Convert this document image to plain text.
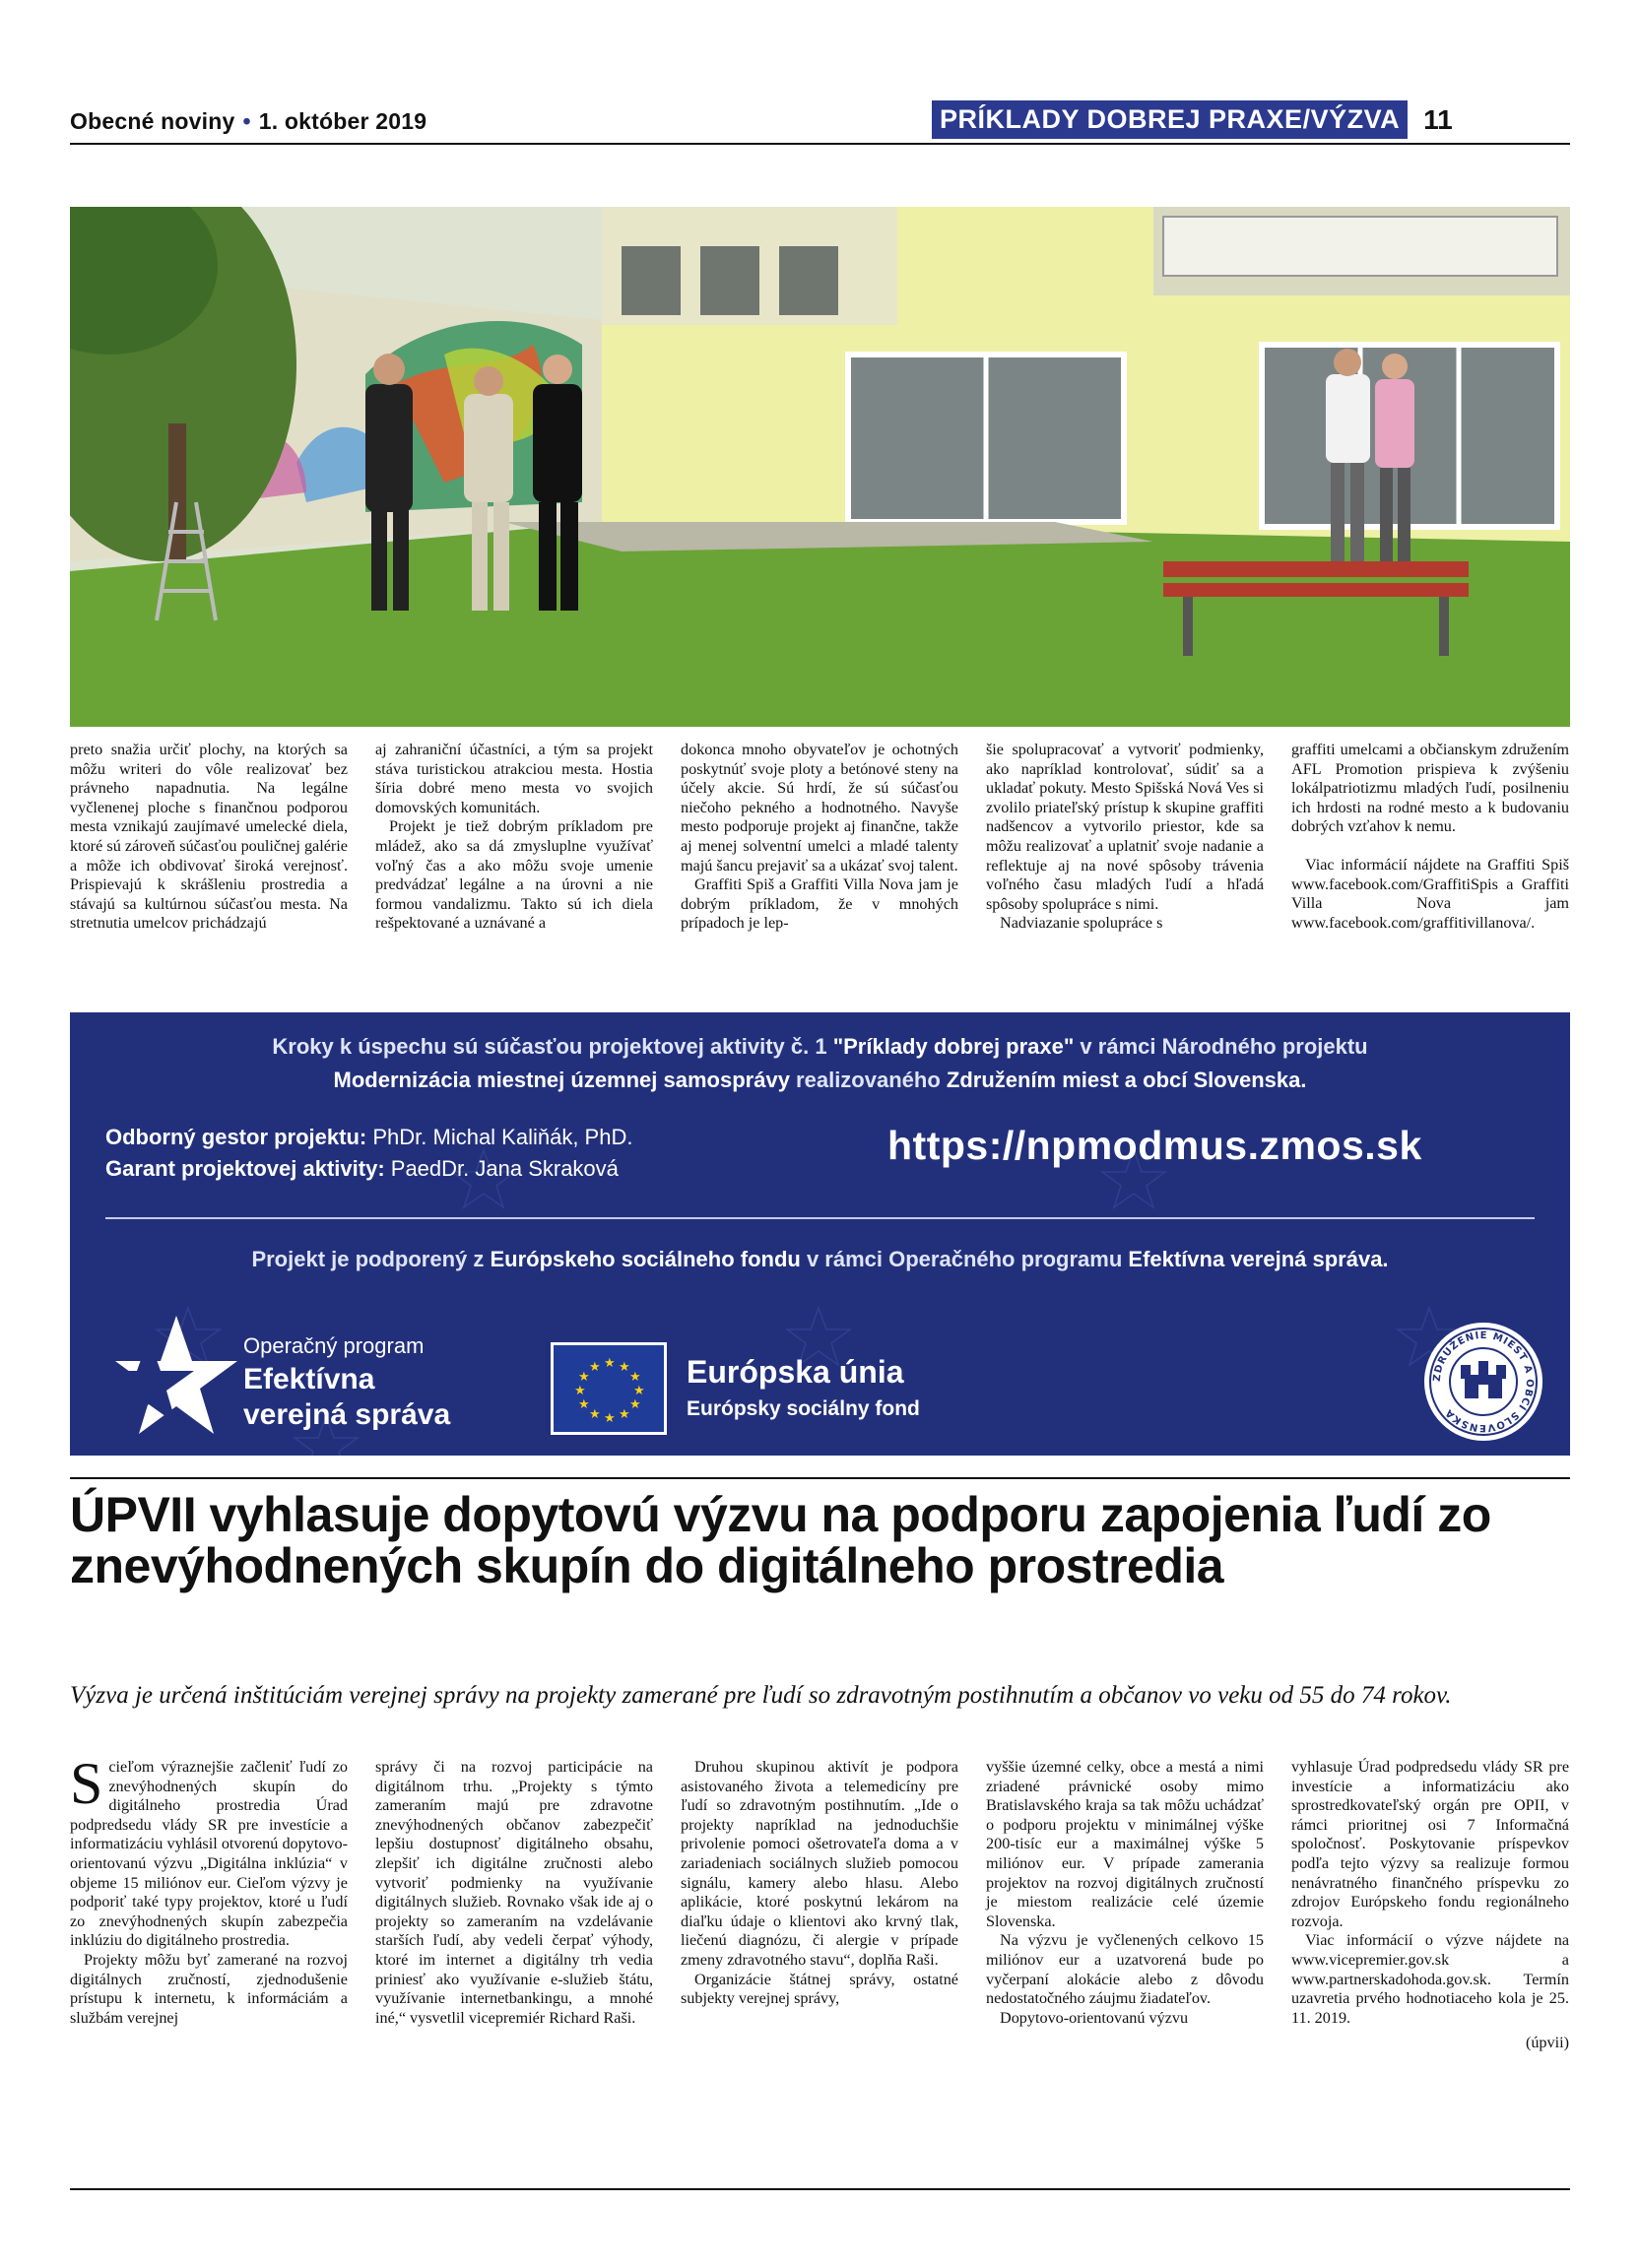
Obecné noviny • 1. október 2019	PRÍKLADY DOBREJ PRAXE/VÝZVA 11

preto snažia určiť plochy, na ktorých sa môžu writeri do vôle realizovať bez právneho napadnutia. Na legálne vyčlenenej ploche s finančnou podporou mesta vznikajú zaujímavé umelecké diela, ktoré sú zároveň súčasťou pouličnej galérie a môže ich obdivovať široká verejnosť. Prispievajú k skrášleniu prostredia a stávajú sa kultúrnou súčasťou mesta. Na stretnutia umelcov prichádzajú

aj zahraniční účastníci, a tým sa projekt stáva turistickou atrakciou mesta. Hostia šíria dobré meno mesta vo svojich domovských komunitách.

Projekt je tiež dobrým príkladom pre mládež, ako sa dá zmysluplne využívať voľný čas a ako môžu svoje umenie predvádzať legálne a na úrovni a nie formou vandalizmu. Takto sú ich diela rešpektované a uznávané a

dokonca mnoho obyvateľov je ochotných poskytnúť svoje ploty a betónové steny na účely akcie. Sú hrdí, že sú súčasťou niečoho pekného a hodnotného. Navyše mesto podporuje projekt aj finančne, takže aj menej solventní umelci a mladé talenty majú šancu prejaviť sa a ukázať svoj talent.

Graffiti Spiš a Graffiti Villa Nova jam je dobrým príkladom, že v mnohých prípadoch je lep-

šie spolupracovať a vytvoriť podmienky, ako napríklad kontrolovať, súdiť sa a ukladať pokuty. Mesto Spišská Nová Ves si zvolilo priateľský prístup k skupine graffiti nadšencov a vytvorilo priestor, kde sa môžu realizovať a uplatniť svoje nadanie a reflektuje aj na nové spôsoby trávenia voľného času mladých ľudí a hľadá spôsoby spolupráce s nimi.

Nadviazanie spolupráce s

graffiti umelcami a občianskym združením AFL Promotion prispieva k zvýšeniu lokálpatriotizmu mladých ľudí, posilneniu ich hrdosti na rodné mesto a k budovaniu dobrých vzťahov k nemu.

Viac informácií nájdete na Graffiti Spiš www.facebook.com/GraffitiSpis a Graffiti Villa Nova jam www.facebook.com/graffitivillanova/.

Kroky k úspechu sú súčasťou projektovej aktivity č. 1 "Príklady dobrej praxe" v rámci Národného projektu
Modernizácia miestnej územnej samosprávy realizovaného Združením miest a obcí Slovenska.
Odborný gestor projektu: PhDr. Michal Kaliňák, PhD.
Garant projektovej aktivity: PaedDr. Jana Skraková
https://npmodmus.zmos.sk
Projekt je podporený z Európskeho sociálneho fondu v rámci Operačného programu Efektívna verejná správa.
Operačný program
Efektívna
verejná správa
★ ★
★
★
★
★
★
★
★
★
★
★	Európska únia
Európsky sociálny fond
ZDRUŽENIE MIEST A OBCÍ SLOVENSKA
ÚPVII vyhlasuje dopytovú výzvu na podporu zapojenia ľudí zo znevýhodnených skupín do digitálneho prostredia
Výzva je určená inštitúciám verejnej správy na projekty zamerané pre ľudí so zdravotným postihnutím a občanov vo veku od 55 do 74 rokov.

Scieľom výraznejšie začleniť ľudí zo znevýhodnených skupín do digitálneho prostredia Úrad podpredsedu vlády SR pre investície a informatizáciu vyhlásil otvorenú dopytovo-orientovanú výzvu „Digitálna inklúzia“ v objeme 15 miliónov eur. Cieľom výzvy je podporiť také typy projektov, ktoré u ľudí zo znevýhodnených skupín zabezpečia inklúziu do digitálneho prostredia.

Projekty môžu byť zamerané na rozvoj digitálnych zručností, zjednodušenie prístupu k internetu, k informáciám a službám verejnej

správy či na rozvoj participácie na digitálnom trhu. „Projekty s týmto zameraním majú pre zdravotne znevýhodnených občanov zabezpečiť lepšiu dostupnosť digitálneho obsahu, zlepšiť ich digitálne zručnosti alebo vytvoriť podmienky na využívanie digitálnych služieb. Rovnako však ide aj o projekty so zameraním na vzdelávanie starších ľudí, aby vedeli čerpať výhody, ktoré im internet a digitálny trh vedia priniesť ako využívanie e-služieb štátu, využívanie internetbankingu, a mnohé iné,“ vysvetlil vicepremiér Richard Raši.

Druhou skupinou aktivít je podpora asistovaného života a telemedicíny pre ľudí so zdravotným postihnutím. „Ide o projekty napríklad na jednoduchšie privolenie pomoci ošetrovateľa doma a v zariadeniach sociálnych služieb pomocou signálu, kamery alebo hlasu. Alebo aplikácie, ktoré poskytnú lekárom na diaľku údaje o klientovi ako krvný tlak, liečenú diagnózu, či alergie v prípade zmeny zdravotného stavu“, doplňa Raši.

Organizácie štátnej správy, ostatné subjekty verejnej správy,

vyššie územné celky, obce a mestá a nimi zriadené právnické osoby mimo Bratislavského kraja sa tak môžu uchádzať o podporu projektu v minimálnej výške 200-tisíc eur a maximálnej výške 5 miliónov eur. V prípade zamerania projektov na rozvoj digitálnych zručností je miestom realizácie celé územie Slovenska.

Na výzvu je vyčlenených celkovo 15 miliónov eur a uzatvorená bude po vyčerpaní alokácie alebo z dôvodu nedostatočného záujmu žiadateľov.

Dopytovo-orientovanú výzvu

vyhlasuje Úrad podpredsedu vlády SR pre investície a informatizáciu ako sprostredkovateľský orgán pre OPII, v rámci prioritnej osi 7 Informačná spoločnosť. Poskytovanie príspevkov podľa tejto výzvy sa realizuje formou nenávratného finančného príspevku zo zdrojov Európskeho fondu regionálneho rozvoja.

Viac informácií o výzve nájdete na www.vicepremier.gov.sk a www.partnerskadohoda.gov.sk. Termín uzavretia prvého hodnotiaceho kola je 25. 11. 2019.

(úpvii)
